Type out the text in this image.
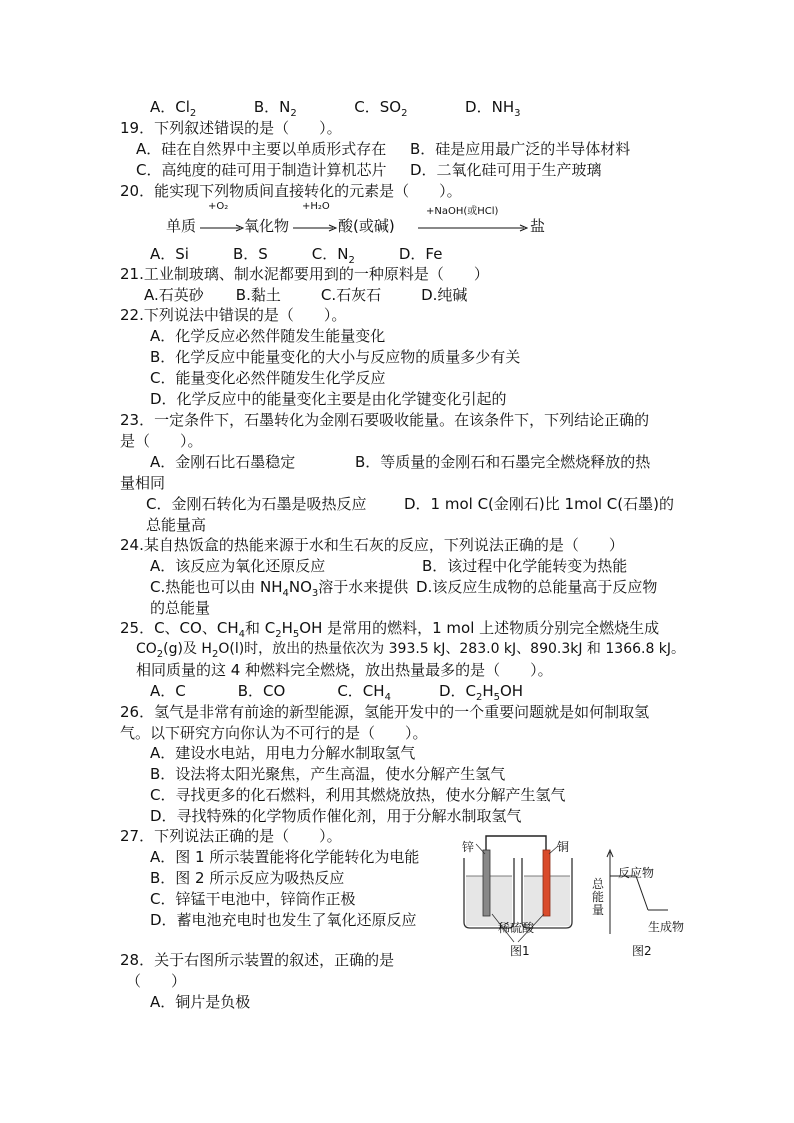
A．$Cl_2$	B．$N_2$	C．$SO_2$	D．$NH_3$
19．下列叙述错误的是（　　）。
A．硅在自然界中主要以单质形式存在 B．硅是应用最广泛的半导体材料
C．高纯度的硅可用于制造计算机芯片 D．二氧化硅可用于生产玻璃
20．能实现下列物质间直接转化的元素是（　　）。
单质
+O₂
氧化物
+H₂O
酸(或碱)
+NaOH(或HCl)
盐
A．Si	B．S	C．$N_2$	D．Fe
21.工业制玻璃、制水泥都要用到的一种原料是（　　）
A.石英砂 B.黏土	C.石灰石	D.纯碱
22.下列说法中错误的是（　　）。
A．化学反应必然伴随发生能量变化
B．化学反应中能量变化的大小与反应物的质量多少有关
C．能量变化必然伴随发生化学反应
D．化学反应中的能量变化主要是由化学键变化引起的
23．一定条件下，石墨转化为金刚石要吸收能量。在该条件下，下列结论正确的
是（　　）。
A．金刚石比石墨稳定	B．等质量的金刚石和石墨完全燃烧释放的热
量相同
C．金刚石转化为石墨是吸热反应	D．1 mol C(金刚石)比 1mol C(石墨)的
总能量高
24.某自热饭盒的热能来源于水和生石灰的反应，下列说法正确的是（　　）
A．该反应为氧化还原反应	B．该过程中化学能转变为热能
C.热能也可以由 $NH_4NO_3$溶于水来提供 D.该反应生成物的总能量高于反应物
的总能量
25．C、CO、$CH_4$和 $C_2H_5OH$ 是常用的燃料，1 mol 上述物质分别完全燃烧生成
$CO_2(g)$及 $H_2O(l)$时，放出的热量依次为 393.5 kJ、283.0 kJ、890.3kJ 和 1366.8 kJ。
相同质量的这 4 种燃料完全燃烧，放出热量最多的是（　　）。
A．C	B．CO	C．$CH_4$	D．$C_2H_5OH$
26．氢气是非常有前途的新型能源，氢能开发中的一个重要问题就是如何制取氢
气。以下研究方向你认为不可行的是（　　）。
A．建设水电站，用电力分解水制取氢气
B．设法将太阳光聚焦，产生高温，使水分解产生氢气
C．寻找更多的化石燃料，利用其燃烧放热，使水分解产生氢气
D．寻找特殊的化学物质作催化剂，用于分解水制取氢气
27．下列说法正确的是（　　）。
A．图 1 所示装置能将化学能转化为电能
B．图 2 所示反应为吸热反应
C．锌锰干电池中，锌筒作正极
D．蓄电池充电时也发生了氧化还原反应
锌	铜
稀硫酸
图1
总能量
反应物
生成物
图2
28．关于右图所示装置的叙述，正确的是
（　　）
A．铜片是负极
